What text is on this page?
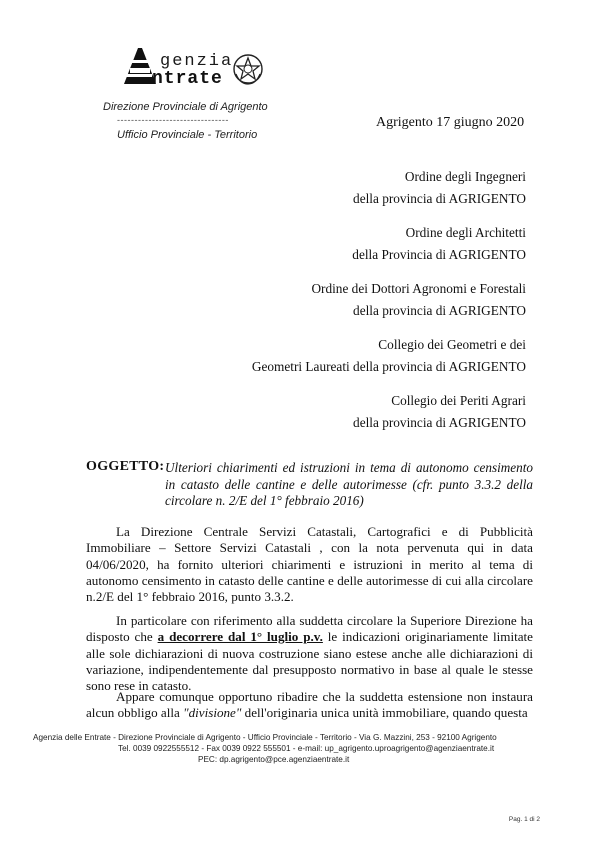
genzia
ntrate
Direzione Provinciale di Agrigento
--------------------------------
Ufficio Provinciale - Territorio
Agrigento 17 giugno 2020
Ordine degli Ingegneri
della provincia di AGRIGENTO
Ordine degli Architetti
della Provincia di AGRIGENTO
Ordine dei Dottori Agronomi e Forestali
della provincia di AGRIGENTO
Collegio dei Geometri e dei
Geometri Laureati della provincia di AGRIGENTO
Collegio dei Periti Agrari
della provincia di AGRIGENTO
OGGETTO: Ulteriori chiarimenti ed istruzioni in tema di autonomo censimento in catasto delle cantine e delle autorimesse (cfr. punto 3.3.2 della circolare n. 2/E del 1° febbraio 2016)
La Direzione Centrale Servizi Catastali, Cartografici e di Pubblicità Immobiliare – Settore Servizi Catastali , con la nota pervenuta qui in data 04/06/2020, ha fornito ulteriori chiarimenti e istruzioni in merito al tema di autonomo censimento in catasto delle cantine e delle autorimesse di cui alla circolare n.2/E del 1° febbraio 2016, punto 3.3.2.
In particolare con riferimento alla suddetta circolare la Superiore Direzione ha disposto che a decorrere dal 1° luglio p.v. le indicazioni originariamente limitate alle sole dichiarazioni di nuova costruzione siano estese anche alle dichiarazioni di variazione, indipendentemente dal presupposto normativo in base al quale le stesse sono rese in catasto.
Appare comunque opportuno ribadire che la suddetta estensione non instaura alcun obbligo alla "divisione" dell'originaria unica unità immobiliare, quando questa
Agenzia delle Entrate - Direzione Provinciale di Agrigento - Ufficio Provinciale - Territorio - Via G. Mazzini, 253 - 92100 Agrigento
Tel. 0039 0922555512 - Fax 0039 0922 555501 - e-mail: up_agrigento.uproagrigento@agenziaentrate.it
PEC: dp.agrigento@pce.agenziaentrate.it
Pag. 1 di 2
